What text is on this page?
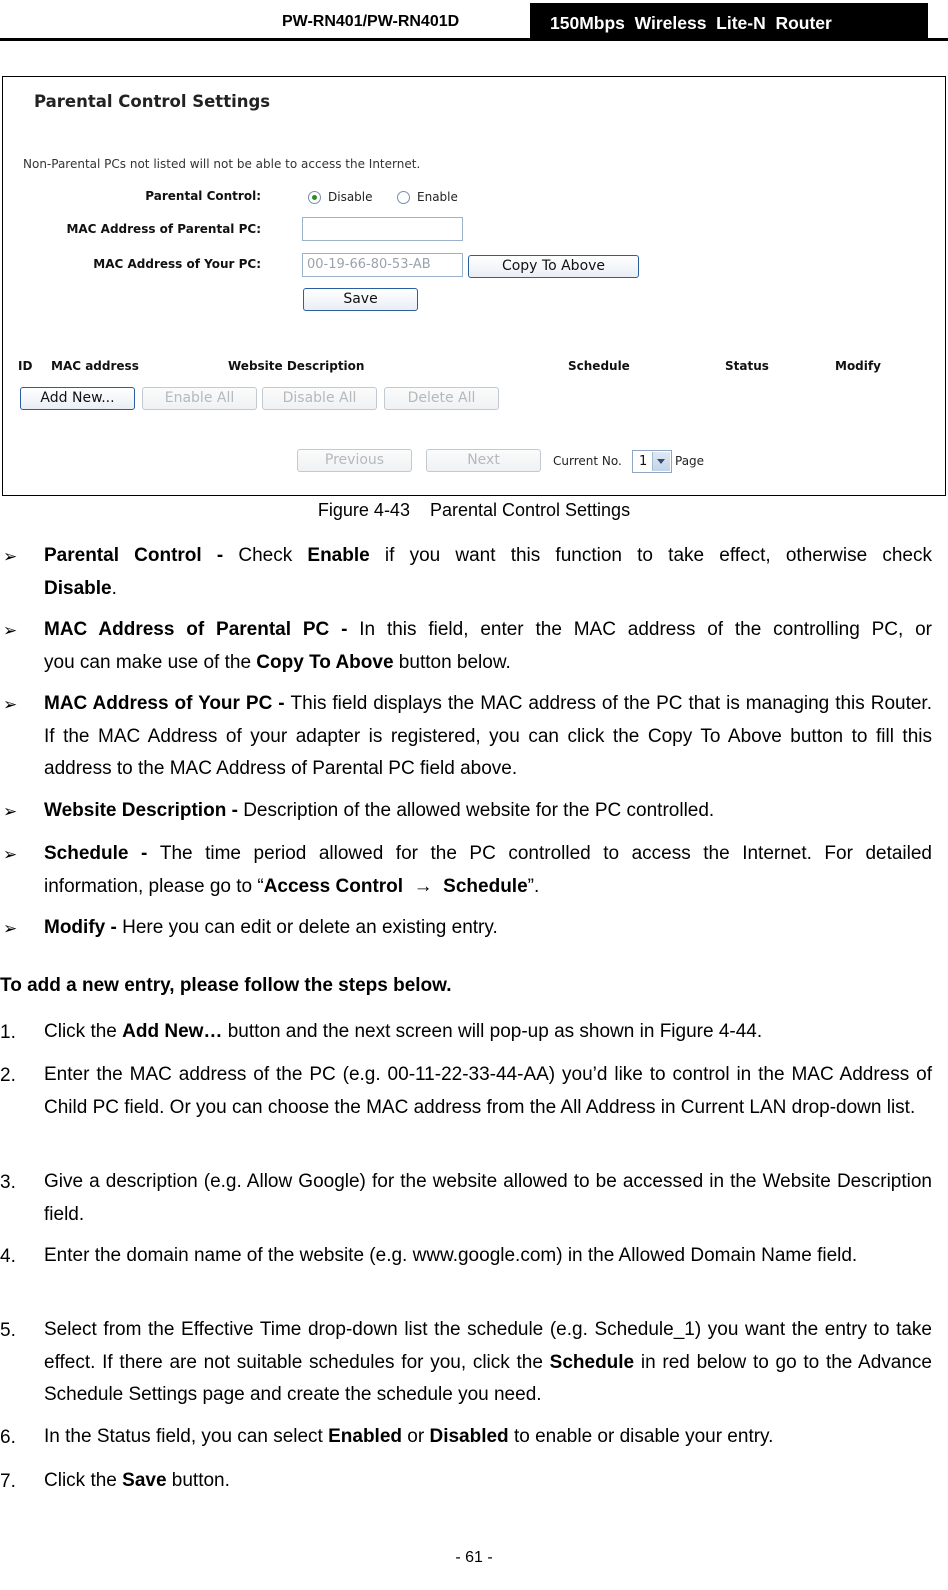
PW-RN401/PW-RN401D	150Mbps  Wireless  Lite-N  Router
Parental Control Settings
Non-Parental PCs not listed will not be able to access the Internet.
Parental Control:	Disable	Enable
MAC Address of Parental PC:
MAC Address of Your PC:	00-19-66-80-53-AB	Copy To Above
Save
ID MAC address	Website Description	Schedule	Status	Modify
Add New...	Enable All	Disable All	Delete All
Previous	Next	Current No. 1 Page
Figure 4-43    Parental Control Settings
➢ Parental Control - Check Enable if you want this function to take effect, otherwise check
Disable.
➢ MAC Address of Parental PC - In this field, enter the MAC address of the controlling PC, or
you can make use of the Copy To Above button below.
➢ MAC Address of Your PC - This field displays the MAC address of the PC that is managing this Router. If the MAC Address of your adapter is registered, you can click the Copy To Above button to fill this address to the MAC Address of Parental PC field above.
➢ Website Description - Description of the allowed website for the PC controlled.
➢ Schedule - The time period allowed for the PC controlled to access the Internet. For detailed
information, please go to “Access Control  →  Schedule”.
➢ Modify - Here you can edit or delete an existing entry.
To add a new entry, please follow the steps below.
1. Click the Add New… button and the next screen will pop-up as shown in Figure 4-44.
2. Enter the MAC address of the PC (e.g. 00-11-22-33-44-AA) you’d like to control in the MAC Address of Child PC field. Or you can choose the MAC address from the All Address in Current LAN drop-down list.
3. Give a description (e.g. Allow Google) for the website allowed to be accessed in the Website Description field.
4. Enter the domain name of the website (e.g. www.google.com) in the Allowed Domain Name field.
5. Select from the Effective Time drop-down list the schedule (e.g. Schedule_1) you want the entry to take effect. If there are not suitable schedules for you, click the Schedule in red below to go to the Advance Schedule Settings page and create the schedule you need.
6. In the Status field, you can select Enabled or Disabled to enable or disable your entry.
7. Click the Save button.
- 61 -
